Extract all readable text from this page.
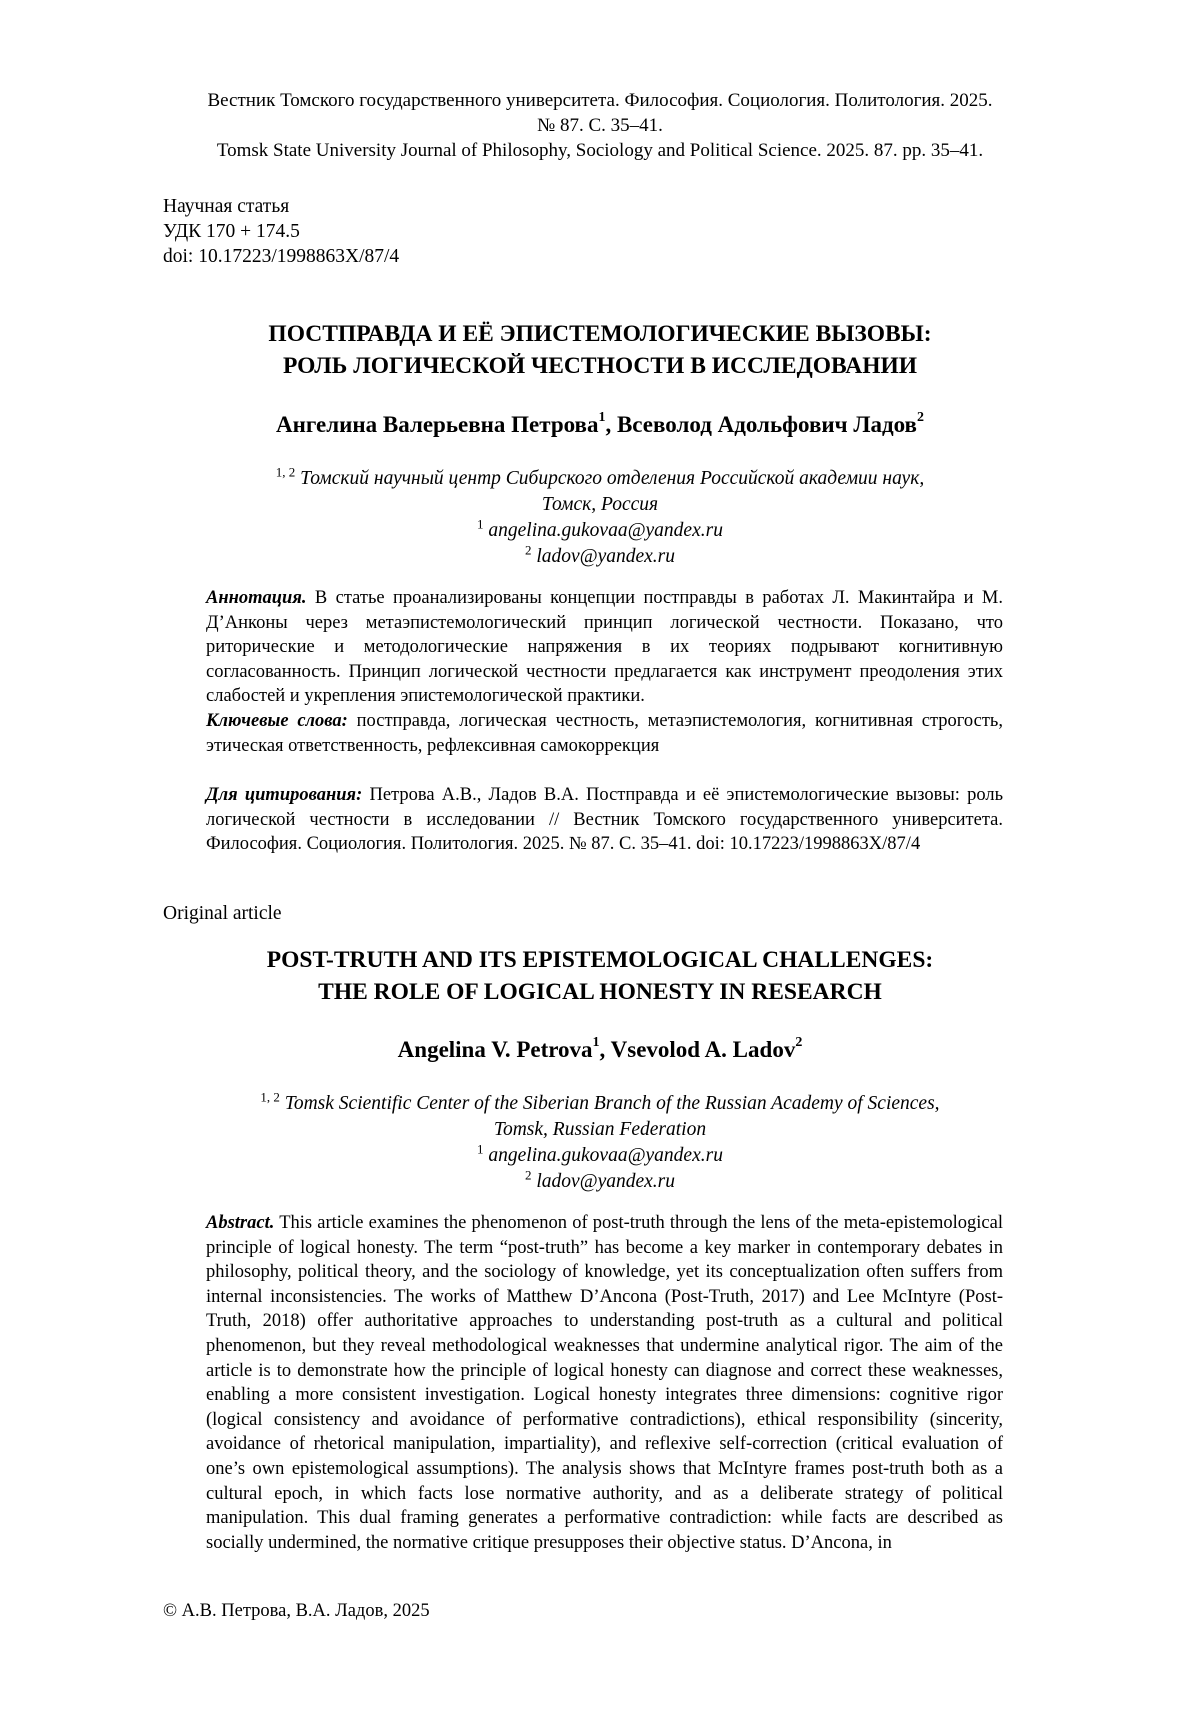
Вестник Томского государственного университета. Философия. Социология. Политология. 2025.
№ 87. С. 35–41.
Tomsk State University Journal of Philosophy, Sociology and Political Science. 2025. 87. pp. 35–41.
Научная статья
УДК 170 + 174.5
doi: 10.17223/1998863X/87/4
ПОСТПРАВДА И ЕЁ ЭПИСТЕМОЛОГИЧЕСКИЕ ВЫЗОВЫ:
РОЛЬ ЛОГИЧЕСКОЙ ЧЕСТНОСТИ В ИССЛЕДОВАНИИ
Ангелина Валерьевна Петрова$^1$, Всеволод Адольфович Ладов$^2$
$^{1, 2}$ Томский научный центр Сибирского отделения Российской академии наук,
Томск, Россия
$^1$ angelina.gukovaa@yandex.ru
$^2$ ladov@yandex.ru
Аннотация. В статье проанализированы концепции постправды в работах Л. Макинтайра и М. Д’Анконы через метаэпистемологический принцип логической честности. Показано, что риторические и методологические напряжения в их теориях подрывают когнитивную согласованность. Принцип логической честности предлагается как инструмент преодоления этих слабостей и укрепления эпистемологической практики.
Ключевые слова: постправда, логическая честность, метаэпистемология, когнитивная строгость, этическая ответственность, рефлексивная самокоррекция
Для цитирования: Петрова А.В., Ладов В.А. Постправда и её эпистемологические вызовы: роль логической честности в исследовании // Вестник Томского государственного университета. Философия. Социология. Политология. 2025. № 87. С. 35–41. doi: 10.17223/1998863X/87/4
Original article
POST-TRUTH AND ITS EPISTEMOLOGICAL CHALLENGES:
THE ROLE OF LOGICAL HONESTY IN RESEARCH
Angelina V. Petrova$^1$, Vsevolod A. Ladov$^2$
$^{1, 2}$ Tomsk Scientific Center of the Siberian Branch of the Russian Academy of Sciences,
Tomsk, Russian Federation
$^1$ angelina.gukovaa@yandex.ru
$^2$ ladov@yandex.ru
Abstract. This article examines the phenomenon of post-truth through the lens of the meta-epistemological principle of logical honesty. The term “post-truth” has become a key marker in contemporary debates in philosophy, political theory, and the sociology of knowledge, yet its conceptualization often suffers from internal inconsistencies. The works of Matthew D’Ancona (Post-Truth, 2017) and Lee McIntyre (Post-Truth, 2018) offer authoritative approaches to understanding post-truth as a cultural and political phenomenon, but they reveal methodological weaknesses that undermine analytical rigor. The aim of the article is to demonstrate how the principle of logical honesty can diagnose and correct these weaknesses, enabling a more consistent investigation. Logical honesty integrates three dimensions: cognitive rigor (logical consistency and avoidance of performative contradictions), ethical responsibility (sincerity, avoidance of rhetorical manipulation, impartiality), and reflexive self-correction (critical evaluation of one’s own epistemological assumptions). The analysis shows that McIntyre frames post-truth both as a cultural epoch, in which facts lose normative authority, and as a deliberate strategy of political manipulation. This dual framing generates a performative contradiction: while facts are described as socially undermined, the normative critique presupposes their objective status. D’Ancona, in
© А.В. Петрова, В.А. Ладов, 2025
